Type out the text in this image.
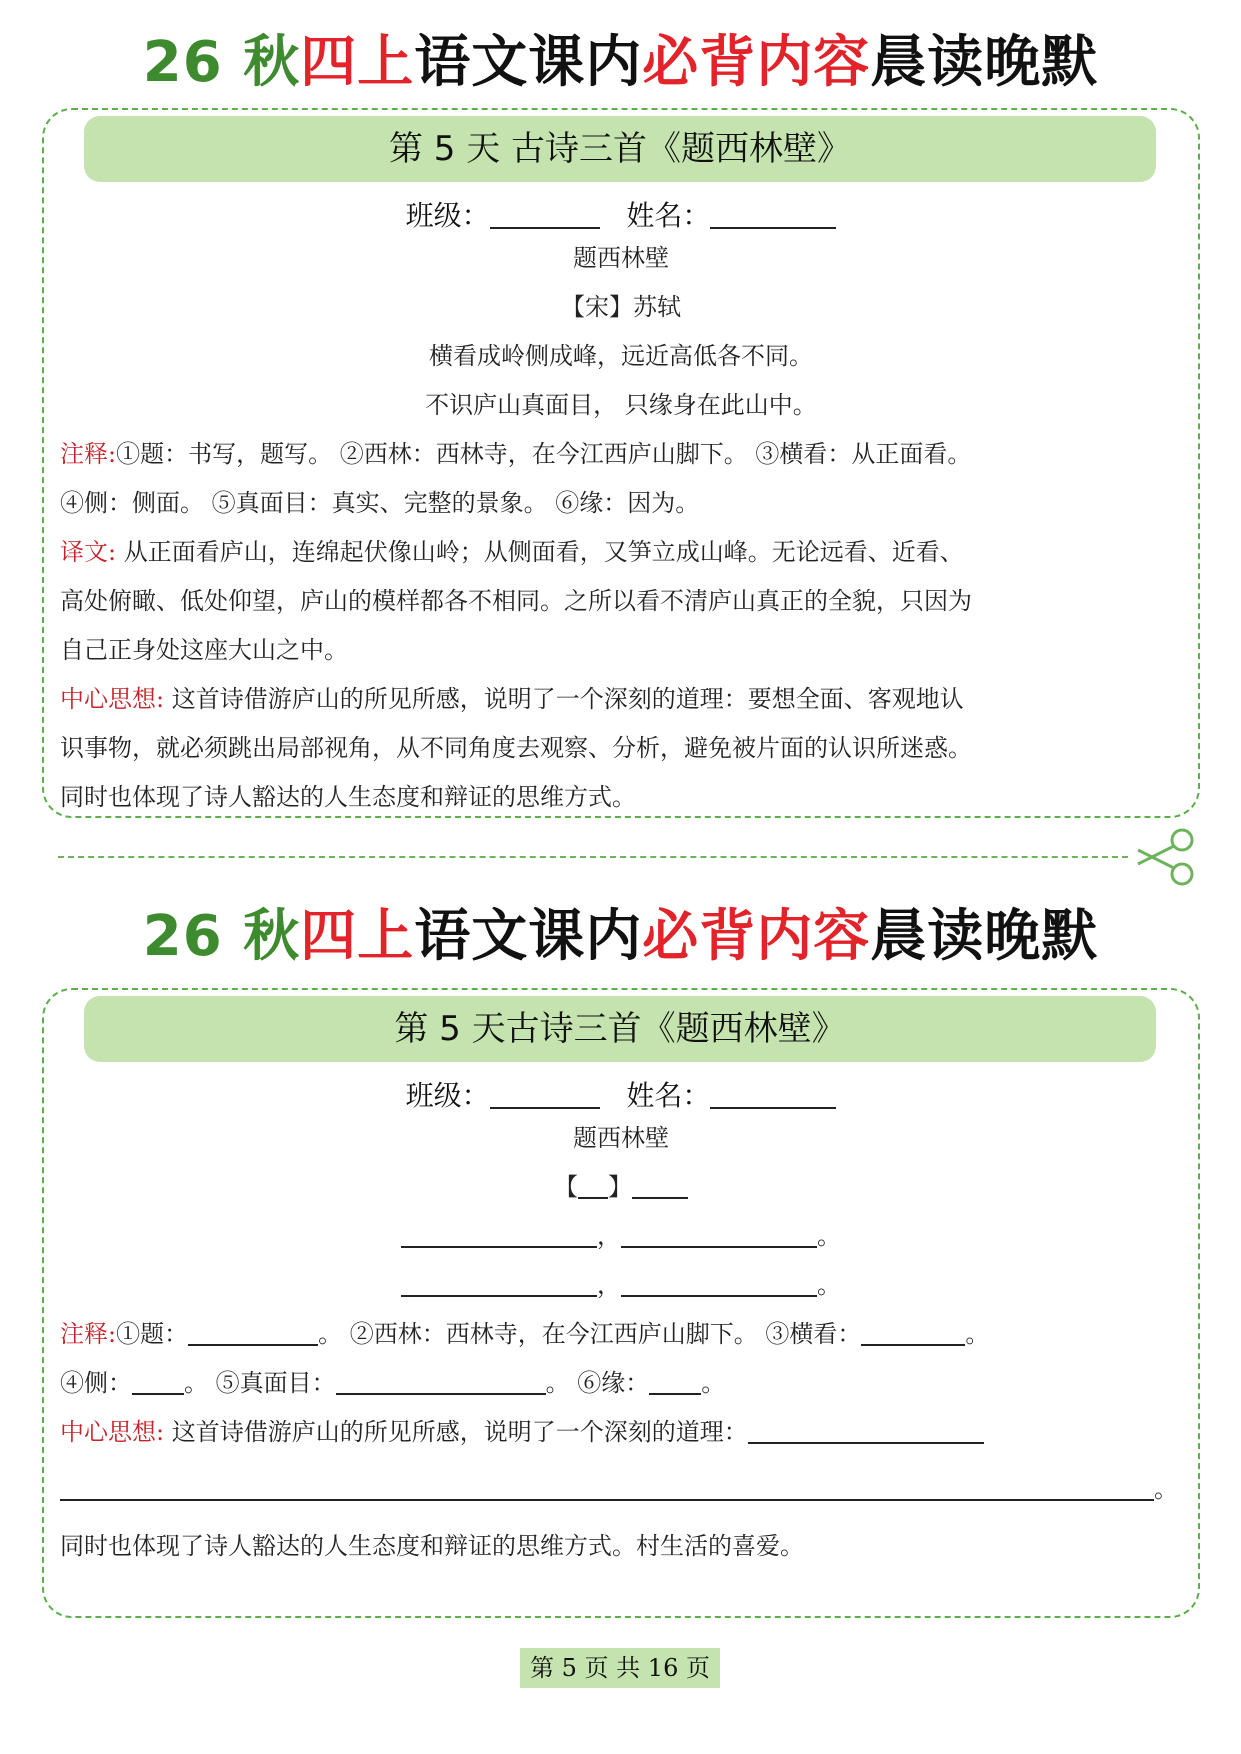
26 秋四上语文课内必背内容晨读晚默
第 5 天 古诗三首《题西林壁》
班级：	姓名：
题西林壁
【宋】苏轼
横看成岭侧成峰，远近高低各不同。
不识庐山真面目， 只缘身在此山中。
注释:①题：书写，题写。 ②西林：西林寺，在今江西庐山脚下。 ③横看：从正面看。
④侧：侧面。 ⑤真面目：真实、完整的景象。 ⑥缘：因为。
译文: 从正面看庐山，连绵起伏像山岭；从侧面看，又笋立成山峰。无论远看、近看、
高处俯瞰、低处仰望，庐山的模样都各不相同。之所以看不清庐山真正的全貌，只因为
自己正身处这座大山之中。
中心思想: 这首诗借游庐山的所见所感，说明了一个深刻的道理：要想全面、客观地认
识事物，就必须跳出局部视角，从不同角度去观察、分析，避免被片面的认识所迷惑。
同时也体现了诗人豁达的人生态度和辩证的思维方式。
26 秋四上语文课内必背内容晨读晚默
第 5 天古诗三首《题西林壁》
班级：	姓名：
题西林壁
【 】
，	。
，	。
注释:①题：	。 ②西林：西林寺，在今江西庐山脚下。 ③横看：	。
④侧： 。 ⑤真面目：	。 ⑥缘： 。
中心思想: 这首诗借游庐山的所见所感，说明了一个深刻的道理：
。
同时也体现了诗人豁达的人生态度和辩证的思维方式。村生活的喜爱。
第 5 页 共 16 页
